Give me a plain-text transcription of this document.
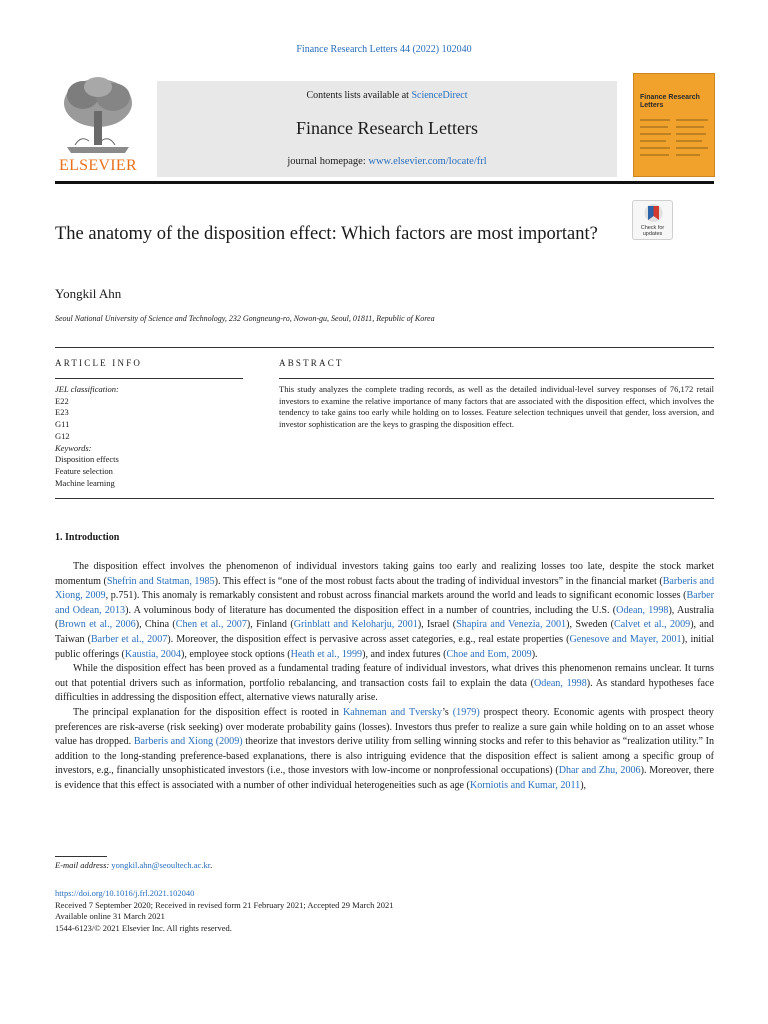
Finance Research Letters 44 (2022) 102040
ELSEVIER
Contents lists available at ScienceDirect
Finance Research Letters
journal homepage: www.elsevier.com/locate/frl
Finance Research Letters
Check for updates
The anatomy of the disposition effect: Which factors are most important?
Yongkil Ahn
Seoul National University of Science and Technology, 232 Gongneung-ro, Nowon-gu, Seoul, 01811, Republic of Korea
ARTICLE INFO	ABSTRACT
JEL classification:
E22
E23
G11
G12
Keywords:
Disposition effects
Feature selection
Machine learning
This study analyzes the complete trading records, as well as the detailed individual-level survey responses of 76,172 retail investors to examine the relative importance of many factors that are associated with the disposition effect, which involves the tendency to take gains too early while holding on to losses. Feature selection techniques unveil that gender, loss aversion, and investor sophistication are the keys to grasping the disposition effect.
1. Introduction

The disposition effect involves the phenomenon of individual investors taking gains too early and realizing losses too late, despite the stock market momentum (Shefrin and Statman, 1985). This effect is “one of the most robust facts about the trading of individual investors” in the financial market (Barberis and Xiong, 2009, p.751). This anomaly is remarkably consistent and robust across financial markets around the world and leads to significant economic losses (Barber and Odean, 2013). A voluminous body of literature has documented the disposition effect in a number of countries, including the U.S. (Odean, 1998), Australia (Brown et al., 2006), China (Chen et al., 2007), Finland (Grinblatt and Keloharju, 2001), Israel (Shapira and Venezia, 2001), Sweden (Calvet et al., 2009), and Taiwan (Barber et al., 2007). Moreover, the disposition effect is pervasive across asset categories, e.g., real estate properties (Genesove and Mayer, 2001), initial public offerings (Kaustia, 2004), employee stock options (Heath et al., 1999), and index futures (Choe and Eom, 2009).

While the disposition effect has been proved as a fundamental trading feature of individual investors, what drives this phenomenon remains unclear. It turns out that potential drivers such as information, portfolio rebalancing, and transaction costs fail to explain the data (Odean, 1998). As standard hypotheses face difficulties in addressing the disposition effect, alternative views naturally arise.

The principal explanation for the disposition effect is rooted in Kahneman and Tversky’s (1979) prospect theory. Economic agents with prospect theory preferences are risk-averse (risk seeking) over moderate probability gains (losses). Investors thus prefer to realize a sure gain while holding on to an asset whose value has dropped. Barberis and Xiong (2009) theorize that investors derive utility from selling winning stocks and refer to this behavior as “realization utility.” In addition to the long-standing preference-based explanations, there is also intriguing evidence that the disposition effect is salient among a specific group of investors, e.g., financially unsophisticated investors (i.e., those investors with low-income or nonprofessional occupations) (Dhar and Zhu, 2006). Moreover, there is evidence that this effect is associated with a number of other individual heterogeneities such as age (Korniotis and Kumar, 2011),

E-mail address: yongkil.ahn@seoultech.ac.kr.
https://doi.org/10.1016/j.frl.2021.102040
Received 7 September 2020; Received in revised form 21 February 2021; Accepted 29 March 2021
Available online 31 March 2021
1544-6123/© 2021 Elsevier Inc. All rights reserved.
